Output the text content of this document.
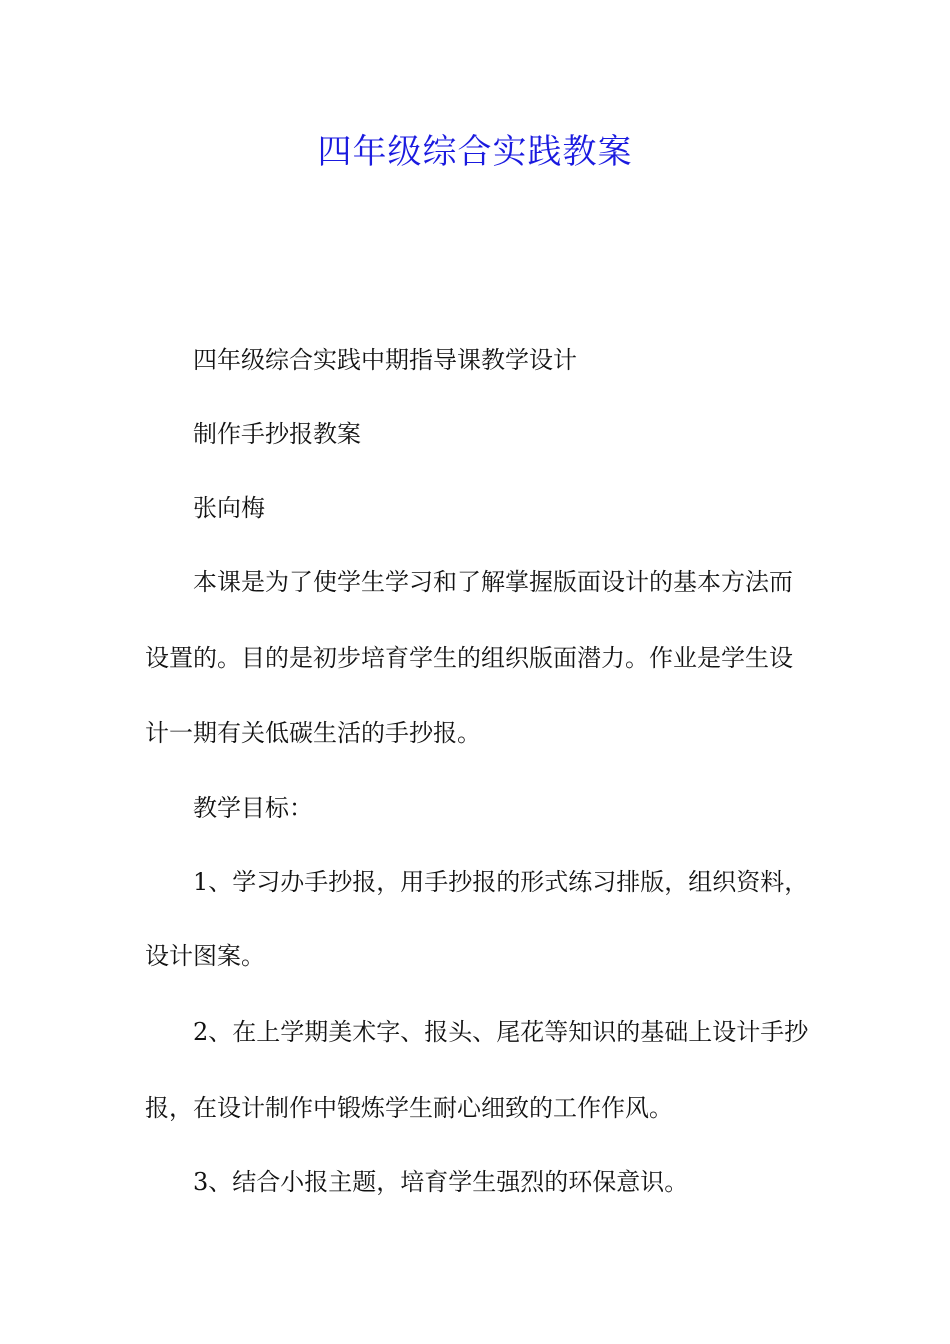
四年级综合实践教案
四年级综合实践中期指导课教学设计
制作手抄报教案
张向梅
本课是为了使学生学习和了解掌握版面设计的基本方法而
设置的。目的是初步培育学生的组织版面潜力。作业是学生设
计一期有关低碳生活的手抄报。
教学目标：
1、学习办手抄报，用手抄报的形式练习排版，组织资料，
设计图案。
2、在上学期美术字、报头、尾花等知识的基础上设计手抄
报，在设计制作中锻炼学生耐心细致的工作作风。
3、结合小报主题，培育学生强烈的环保意识。
